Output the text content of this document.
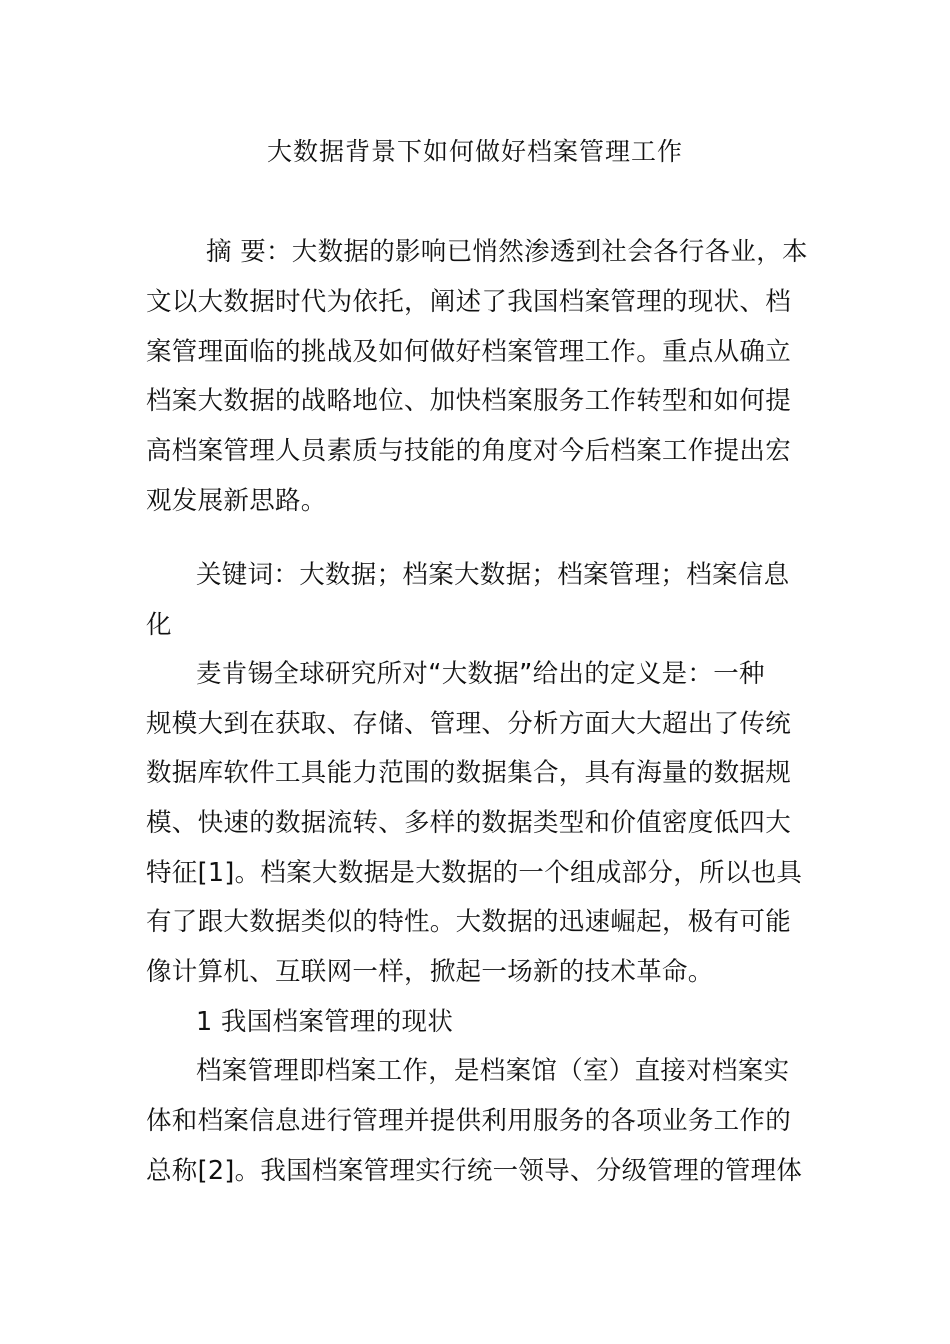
大数据背景下如何做好档案管理工作
摘 要：大数据的影响已悄然渗透到社会各行各业，本
文以大数据时代为依托，阐述了我国档案管理的现状、档
案管理面临的挑战及如何做好档案管理工作。重点从确立
档案大数据的战略地位、加快档案服务工作转型和如何提
高档案管理人员素质与技能的角度对今后档案工作提出宏
观发展新思路。
关键词：大数据；档案大数据；档案管理；档案信息
化
麦肯锡全球研究所对“大数据”给出的定义是：一种
规模大到在获取、存储、管理、分析方面大大超出了传统
数据库软件工具能力范围的数据集合，具有海量的数据规
模、快速的数据流转、多样的数据类型和价值密度低四大
特征[1]。档案大数据是大数据的一个组成部分，所以也具
有了跟大数据类似的特性。大数据的迅速崛起，极有可能
像计算机、互联网一样，掀起一场新的技术革命。
1 我国档案管理的现状
档案管理即档案工作，是档案馆（室）直接对档案实
体和档案信息进行管理并提供利用服务的各项业务工作的
总称[2]。我国档案管理实行统一领导、分级管理的管理体
